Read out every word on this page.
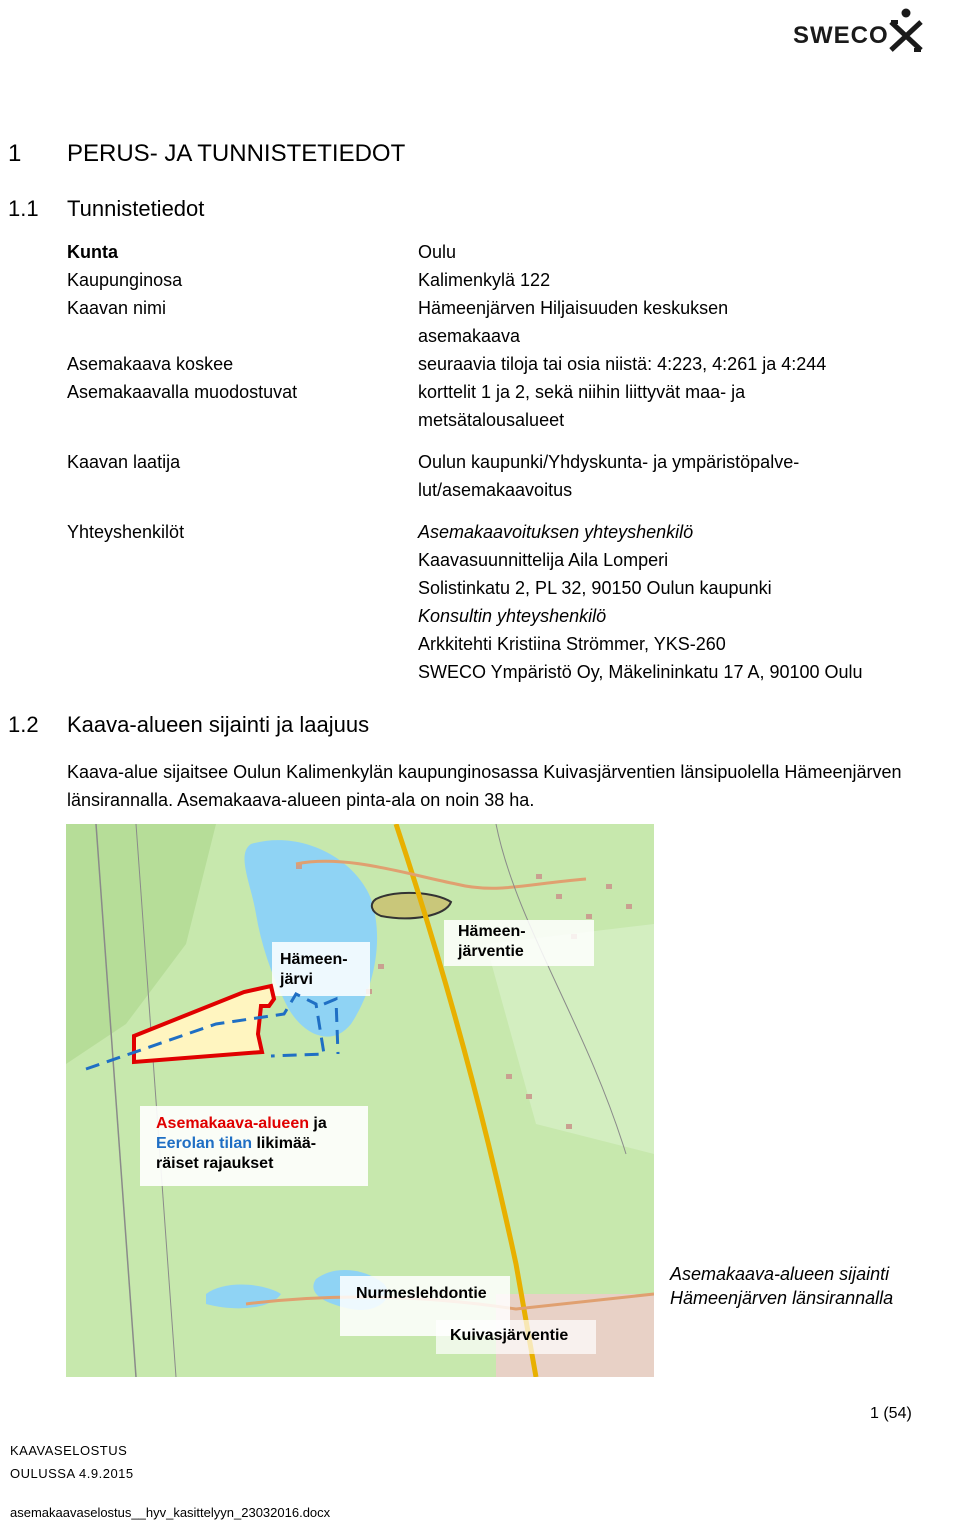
SWECO
1 PERUS- JA TUNNISTETIEDOT
1.1 Tunnistetiedot
Kunta	Oulu
Kaupunginosa	Kalimenkylä 122
Kaavan nimi	Hämeenjärven Hiljaisuuden keskuksen
asemakaava
Asemakaava koskee	seuraavia tiloja tai osia niistä: 4:223, 4:261 ja 4:244
Asemakaavalla muodostuvat	korttelit 1 ja 2, sekä niihin liittyvät maa- ja
metsätalousalueet
Kaavan laatija	Oulun kaupunki/Yhdyskunta- ja ympäristöpalve-
lut/asemakaavoitus
Yhteyshenkilöt	Asemakaavoituksen yhteyshenkilö
Kaavasuunnittelija Aila Lomperi
Solistinkatu 2, PL 32, 90150 Oulun kaupunki
Konsultin yhteyshenkilö
Arkkitehti Kristiina Strömmer, YKS-260
SWECO Ympäristö Oy, Mäkelininkatu 17 A, 90100 Oulu
1.2 Kaava-alueen sijainti ja laajuus
Kaava-alue sijaitsee Oulun Kalimenkylän kaupunginosassa Kuivasjärventien länsipuolella Hämeenjärven länsirannalla. Asemakaava-alueen pinta-ala on noin 38 ha.
Hämeen-
järvi
Hämeen-
järventie
Asemakaava-alueen ja
Eerolan tilan likimää-
räiset rajaukset
Nurmeslehdontie
Kuivasjärventie
Asemakaava-alueen sijainti Hämeenjärven länsirannalla
1 (54)
KAAVASELOSTUS
OULUSSA 4.9.2015
asemakaavaselostus__hyv_kasittelyyn_23032016.docx
